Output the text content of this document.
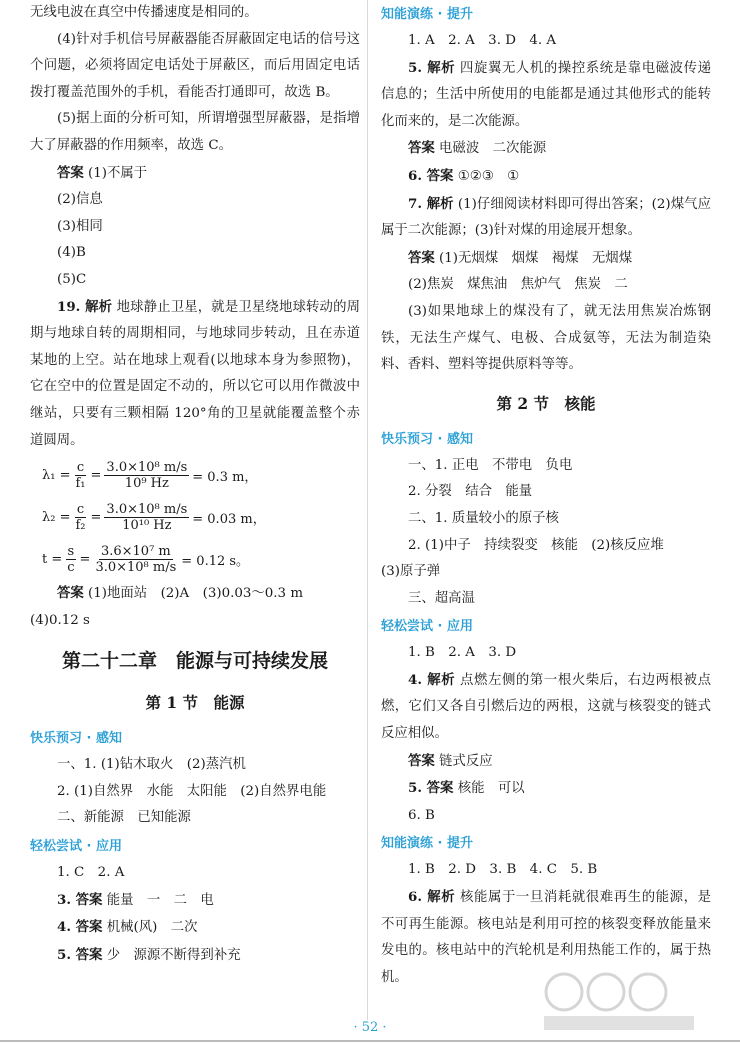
无线电波在真空中传播速度是相同的。

(4)针对手机信号屏蔽器能否屏蔽固定电话的信号这个问题，必须将固定电话处于屏蔽区，而后用固定电话拨打覆盖范围外的手机，看能否打通即可，故选 B。

(5)据上面的分析可知，所谓增强型屏蔽器，是指增大了屏蔽器的作用频率，故选 C。

答案 (1)不属于

(2)信息

(3)相同

(4)B

(5)C

19. 解析 地球静止卫星，就是卫星绕地球转动的周期与地球自转的周期相同，与地球同步转动，且在赤道某地的上空。站在地球上观看(以地球本身为参照物)，它在空中的位置是固定不动的，所以它可以用作微波中继站，只要有三颗相隔 120°角的卫星就能覆盖整个赤道圆周。

$\lambda_1 = \frac{c}{\text{f₁}} = \frac{\text{3.0×10⁸ m/s}}{\text{10⁹ Hz}} = 0.3$ m，
$\lambda_2 = \frac{c}{\text{f₂}} = \frac{\text{3.0×10⁸ m/s}}{\text{10¹⁰ Hz}} = 0.03$ m，
$t = \frac{s}{c} = \frac{\text{3.6×10⁷ m}}{\text{3.0×10⁸ m/s}} = 0.12$ s。

答案 (1)地面站　(2)A　(3)0.03～0.3 m

(4)0.12 s

第二十二章　能源与可持续发展
第 1 节　能源
快乐预习 · 感知

一、1. (1)钻木取火　(2)蒸汽机

2. (1)自然界　水能　太阳能　(2)自然界电能

二、新能源　已知能源

轻松尝试 · 应用

1. C　2. A

3. 答案 能量　一　二　电

4. 答案 机械(风)　二次

5. 答案 少　源源不断得到补充

知能演练 · 提升

1. A　2. A　3. D　4. A

5. 解析 四旋翼无人机的操控系统是靠电磁波传递信息的；生活中所使用的电能都是通过其他形式的能转化而来的，是二次能源。

答案 电磁波　二次能源

6. 答案 ①②③　①

7. 解析 (1)仔细阅读材料即可得出答案；(2)煤气应属于二次能源；(3)针对煤的用途展开想象。

答案 (1)无烟煤　烟煤　褐煤　无烟煤

(2)焦炭　煤焦油　焦炉气　焦炭　二

(3)如果地球上的煤没有了，就无法用焦炭冶炼钢铁，无法生产煤气、电极、合成氨等，无法为制造染料、香料、塑料等提供原料等等。

第 2 节　核能
快乐预习 · 感知

一、1. 正电　不带电　负电

2. 分裂　结合　能量

二、1. 质量较小的原子核

2. (1)中子　持续裂变　核能　(2)核反应堆

(3)原子弹

三、超高温

轻松尝试 · 应用

1. B　2. A　3. D

4. 解析 点燃左侧的第一根火柴后，右边两根被点燃，它们又各自引燃后边的两根，这就与核裂变的链式反应相似。

答案 链式反应

5. 答案 核能　可以

6. B

知能演练 · 提升

1. B　2. D　3. B　4. C　5. B

6. 解析 核能属于一旦消耗就很难再生的能源，是不可再生能源。核电站是利用可控的核裂变释放能量来发电的。核电站中的汽轮机是利用热能工作的，属于热机。

· 52 ·
